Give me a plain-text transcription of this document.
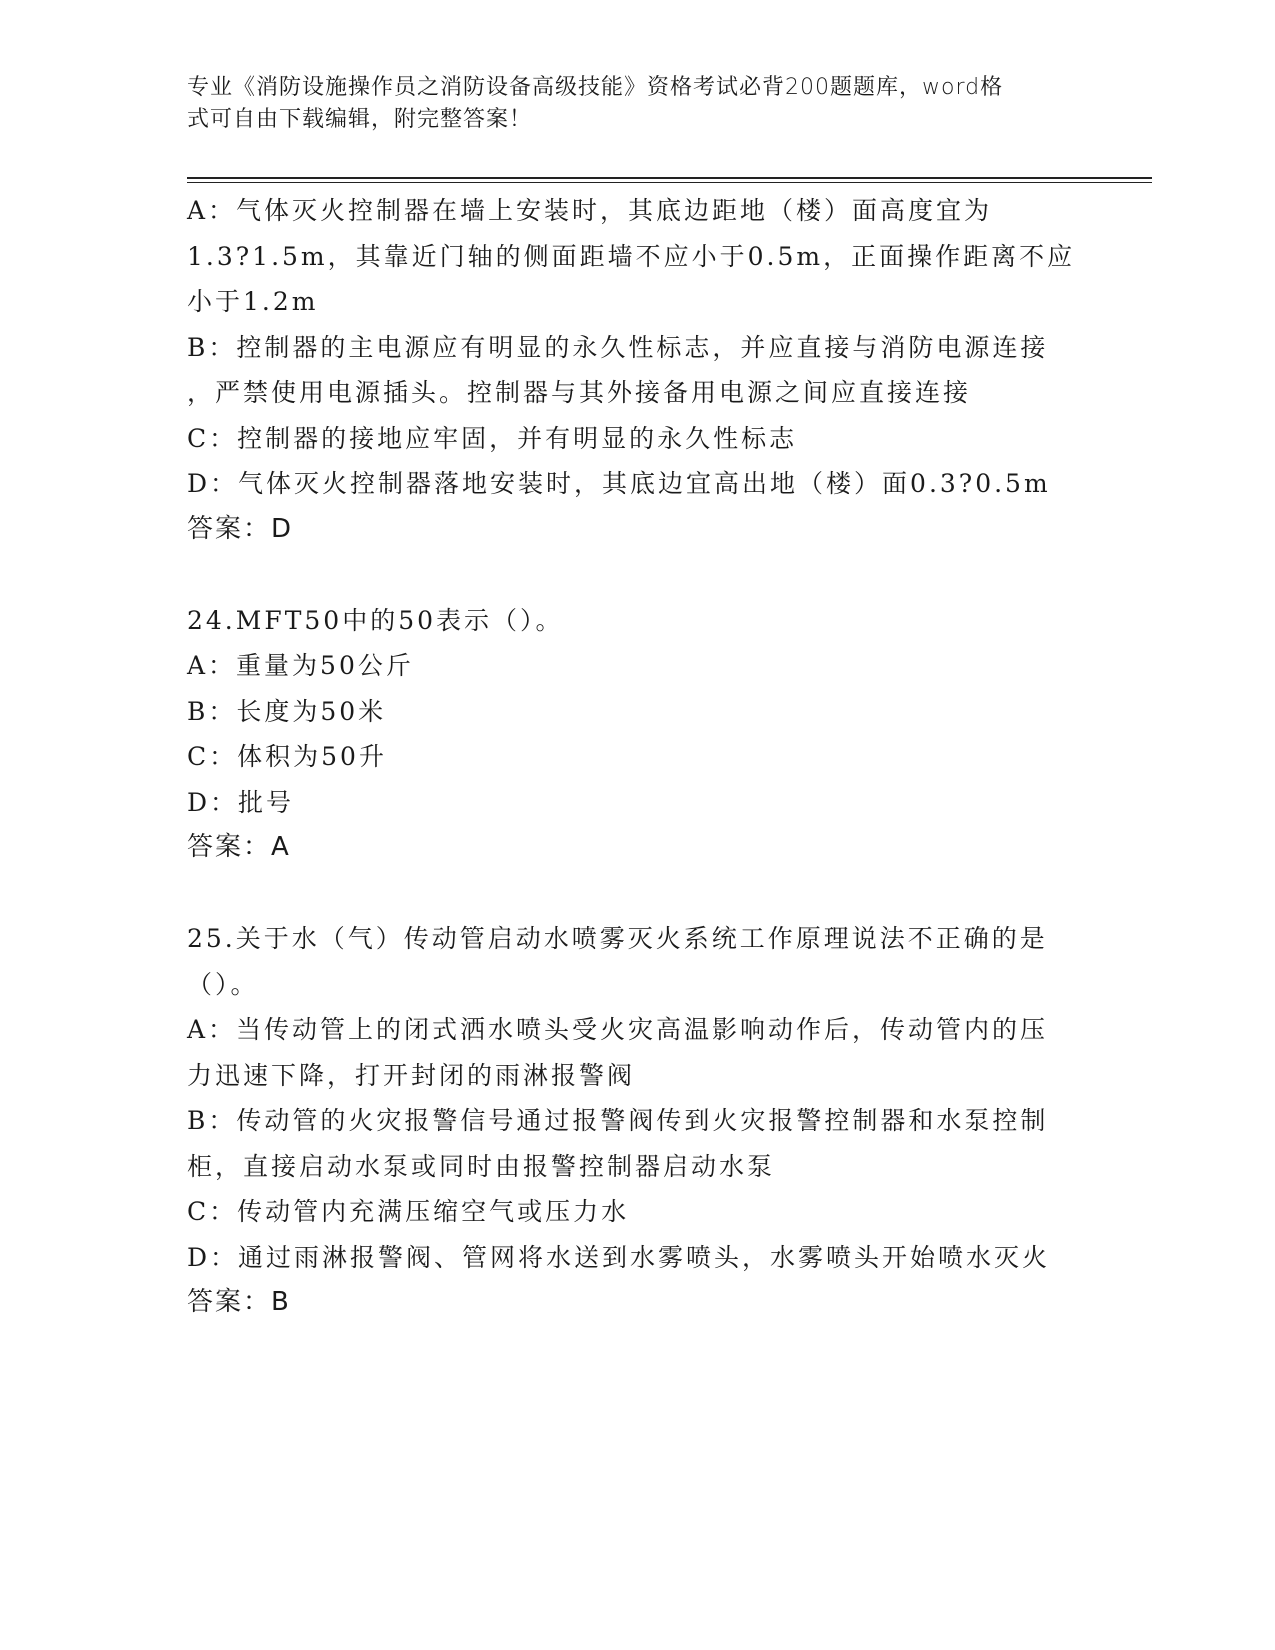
专业《消防设施操作员之消防设备高级技能》资格考试必背200题题库，word格
式可自由下载编辑，附完整答案！

A：气体灭火控制器在墙上安装时，其底边距地（楼）面高度宜为

1.3?1.5m，其靠近门轴的侧面距墙不应小于0.5m，正面操作距离不应

小于1.2m

B：控制器的主电源应有明显的永久性标志，并应直接与消防电源连接

，严禁使用电源插头。控制器与其外接备用电源之间应直接连接

C：控制器的接地应牢固，并有明显的永久性标志

D：气体灭火控制器落地安装时，其底边宜高出地（楼）面0.3?0.5m

答案：D

24.MFT50中的50表示（）。

A：重量为50公斤

B：长度为50米

C：体积为50升

D：批号

答案：A

25.关于水（气）传动管启动水喷雾灭火系统工作原理说法不正确的是

（）。

A：当传动管上的闭式洒水喷头受火灾高温影响动作后，传动管内的压

力迅速下降，打开封闭的雨淋报警阀

B：传动管的火灾报警信号通过报警阀传到火灾报警控制器和水泵控制

柜，直接启动水泵或同时由报警控制器启动水泵

C：传动管内充满压缩空气或压力水

D：通过雨淋报警阀、管网将水送到水雾喷头，水雾喷头开始喷水灭火

答案：B
